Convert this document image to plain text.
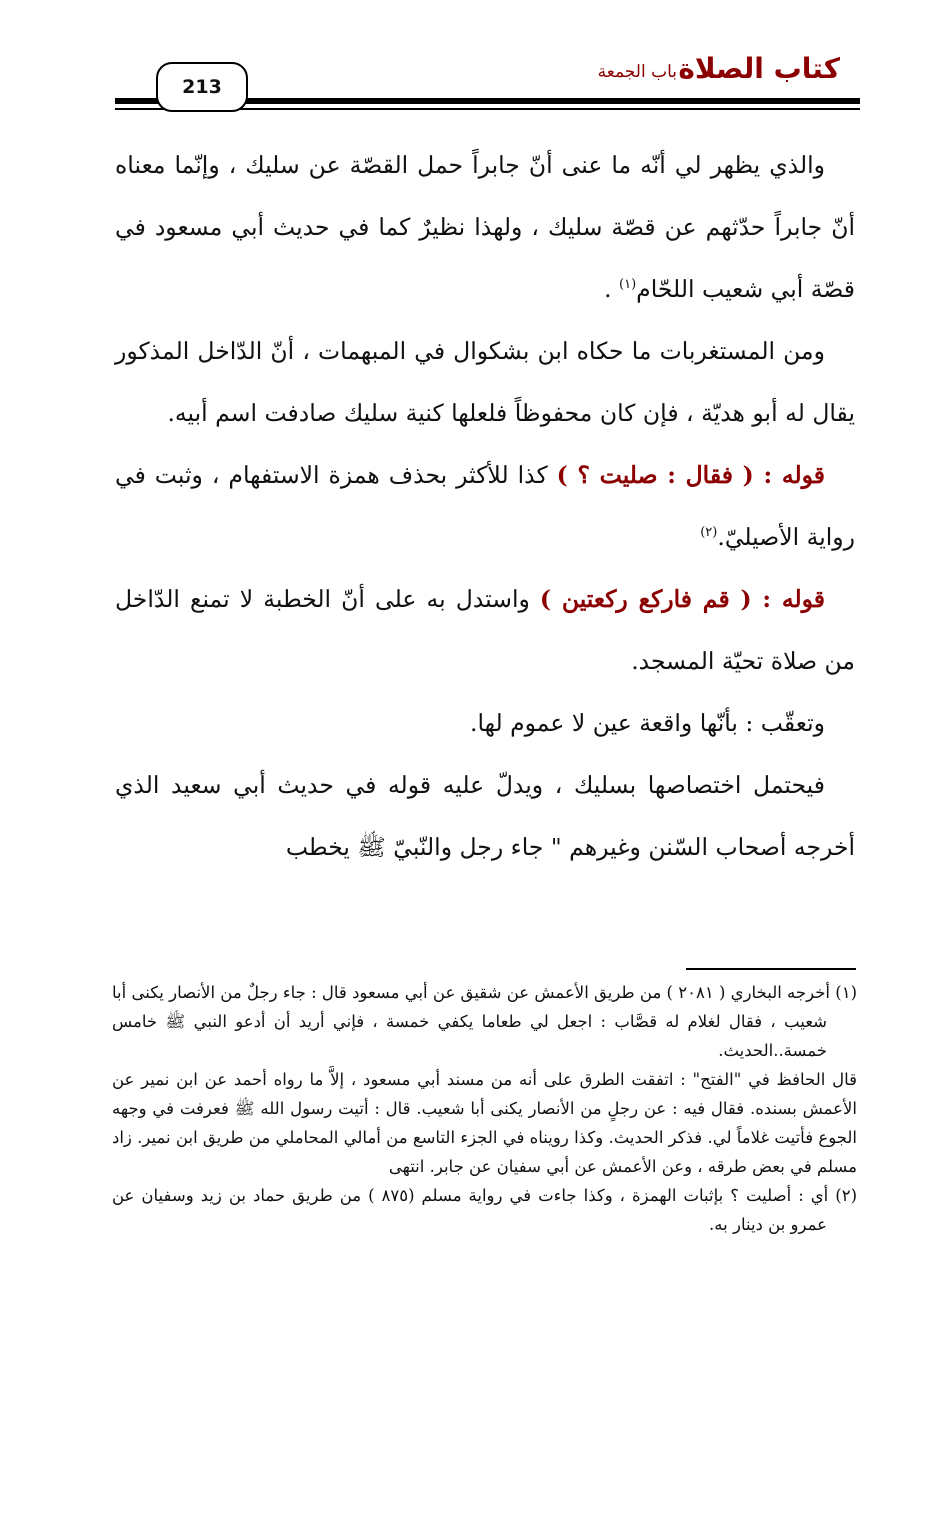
كتاب الصلاة
باب الجمعة
213

والذي يظهر لي أنّه ما عنى أنّ جابراً حمل القصّة عن سليك ، وإنّما معناه أنّ جابراً حدّثهم عن قصّة سليك ، ولهذا نظيرٌ كما في حديث أبي مسعود في قصّة أبي شعيب اللحّام$^{(١)}$ .

ومن المستغربات ما حكاه ابن بشكوال في المبهمات ، أنّ الدّاخل المذكور يقال له أبو هديّة ، فإن كان محفوظاً فلعلها كنية سليك صادفت اسم أبيه.

قوله : ( فقال : صليت ؟ ) كذا للأكثر بحذف همزة الاستفهام ، وثبت في رواية الأصيليّ.$^{(٢)}$

قوله : ( قم فاركع ركعتين ) واستدل به على أنّ الخطبة لا تمنع الدّاخل من صلاة تحيّة المسجد.

وتعقّب : بأنّها واقعة عين لا عموم لها.

فيحتمل اختصاصها بسليك ، ويدلّ عليه قوله في حديث أبي سعيد الذي أخرجه أصحاب السّنن وغيرهم " جاء رجل والنّبيّ ﷺ يخطب

(١) أخرجه البخاري ( ٢٠٨١ ) من طريق الأعمش عن شقيق عن أبي مسعود قال : جاء رجلٌ من الأنصار يكنى أبا شعيب ، فقال لغلام له قصَّاب : اجعل لي طعاما يكفي خمسة ، فإني أريد أن أدعو النبي ﷺ خامس خمسة..الحديث.

قال الحافظ في "الفتح" : اتفقت الطرق على أنه من مسند أبي مسعود ، إلاَّ ما رواه أحمد عن ابن نمير عن الأعمش بسنده. فقال فيه : عن رجلٍ من الأنصار يكنى أبا شعيب. قال : أتيت رسول الله ﷺ فعرفت في وجهه الجوع فأتيت غلاماً لي. فذكر الحديث. وكذا رويناه في الجزء التاسع من أمالي المحاملي من طريق ابن نمير. زاد مسلم في بعض طرقه ، وعن الأعمش عن أبي سفيان عن جابر. انتهى

(٢) أي : أصليت ؟ بإثبات الهمزة ، وكذا جاءت في رواية مسلم (٨٧٥ ) من طريق حماد بن زيد وسفيان عن عمرو بن دينار به.
